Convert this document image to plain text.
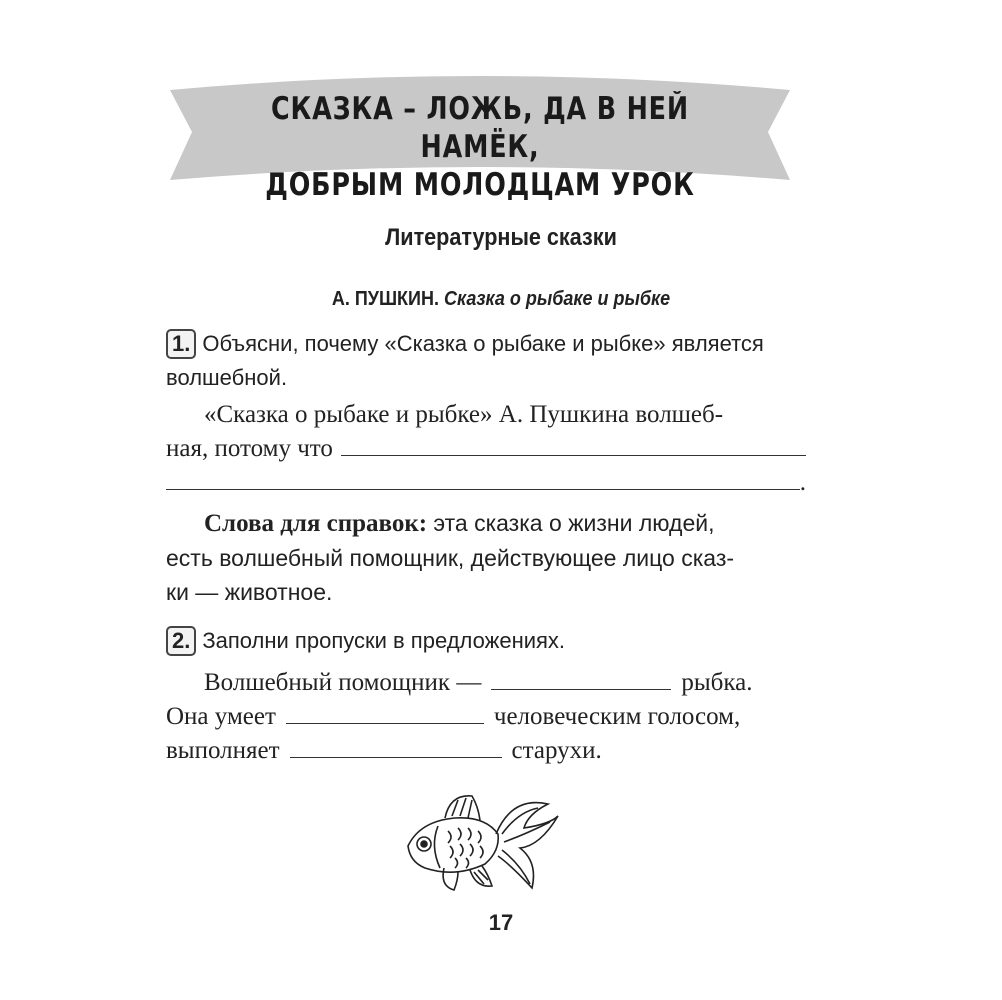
СКАЗКА – ЛОЖЬ, ДА В НЕЙ НАМЁК,
ДОБРЫМ МОЛОДЦАМ УРОК
Литературные сказки
А. ПУШКИН. Сказка о рыбаке и рыбке
1. Объясни, почему «Сказка о рыбаке и рыбке» является
волшебной.
«Сказка о рыбаке и рыбке» А. Пушкина волшеб-
ная, потому что
.
Слова для справок: эта сказка о жизни людей,
есть волшебный помощник, действующее лицо сказ-
ки — животное.
2. Заполни пропуски в предложениях.
Волшебный помощник —	рыбка.
Она умеет	человеческим голосом,
выполняет	старухи.
17
